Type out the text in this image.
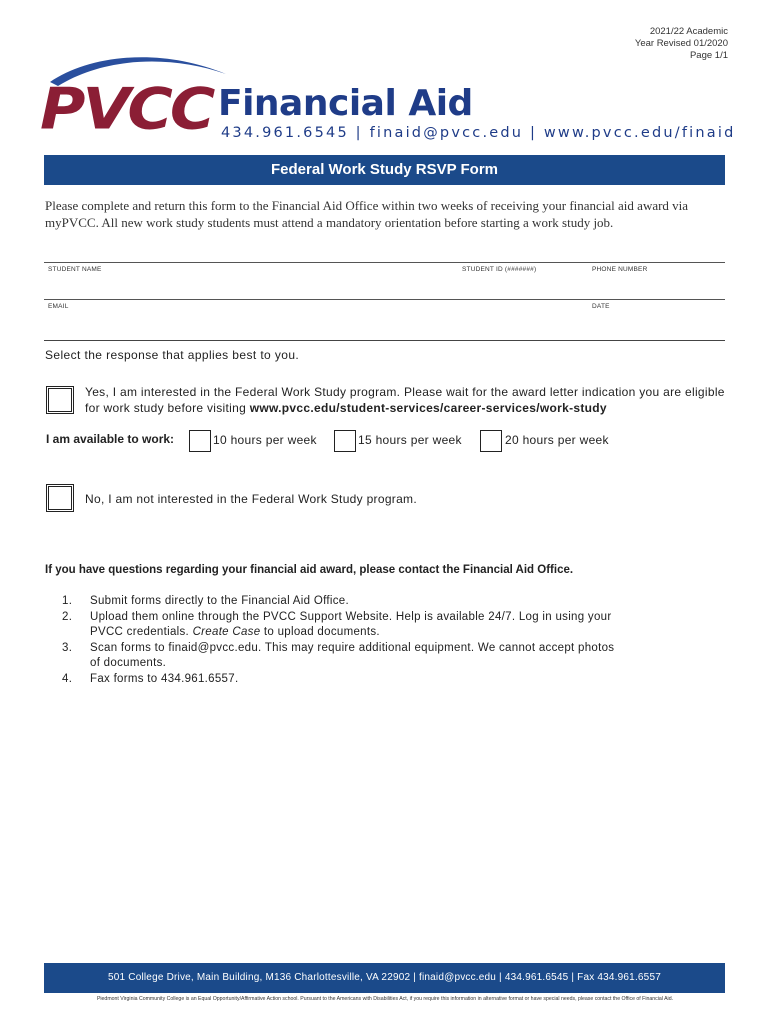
2021/22 Academic
Year Revised 01/2020
Page 1/1
PVCC Financial Aid
434.961.6545 | finaid@pvcc.edu | www.pvcc.edu/finaid
Federal Work Study RSVP Form
Please complete and return this form to the Financial Aid Office within two weeks of receiving your financial aid award via myPVCC. All new work study students must attend a mandatory orientation before starting a work study job.
STUDENT NAME	STUDENT ID (#######)	PHONE NUMBER
EMAIL	DATE
Select the response that applies best to you.
Yes, I am interested in the Federal Work Study program. Please wait for the award letter indication you are eligible for work study before visiting www.pvcc.edu/student-services/career-services/work-study
I am available to work:	10 hours per week	15 hours per week	20 hours per week
No, I am not interested in the Federal Work Study program.
If you have questions regarding your financial aid award, please contact the Financial Aid Office.
1.	Submit forms directly to the Financial Aid Office.
2.	Upload them online through the PVCC Support Website. Help is available 24/7. Log in using your PVCC credentials. Create Case to upload documents.
3.	Scan forms to finaid@pvcc.edu. This may require additional equipment. We cannot accept photos of documents.
4.	Fax forms to 434.961.6557.
501 College Drive, Main Building, M136 Charlottesville, VA 22902 | finaid@pvcc.edu | 434.961.6545 | Fax 434.961.6557
Piedmont Virginia Community College is an Equal Opportunity/Affirmative Action school. Pursuant to the Americans with Disabilities Act, if you require this information in alternative format or have special needs, please contact the Office of Financial Aid.
